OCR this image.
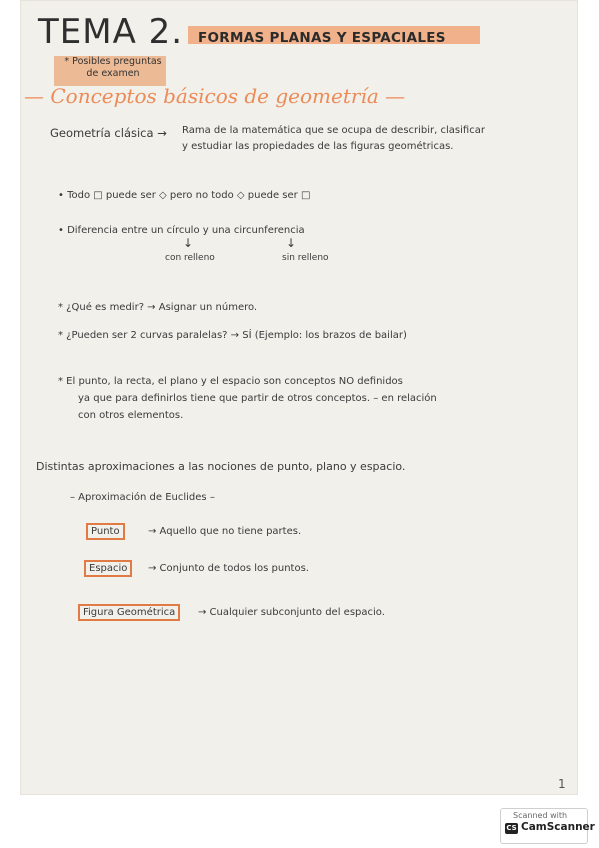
TEMA 2. FORMAS PLANAS Y ESPACIALES
* Posibles preguntas de examen
— Conceptos básicos de geometría —
Geometría clásica → Rama de la matemática que se ocupa de describir, clasificar
y estudiar las propiedades de las figuras geométricas.
• Todo □ puede ser ◇ pero no todo ◇ puede ser □
• Diferencia entre un círculo y una circunferencia
↓	↓
con relleno	sin relleno
* ¿Qué es medir? → Asignar un número.
* ¿Pueden ser 2 curvas paralelas? → SÍ (Ejemplo: los brazos de bailar)
* El punto, la recta, el plano y el espacio son conceptos NO definidos
ya que para definirlos tiene que partir de otros conceptos. – en relación
con otros elementos.
Distintas aproximaciones a las nociones de punto, plano y espacio.
– Aproximación de Euclides –
Punto	→ Aquello que no tiene partes.
Espacio	→ Conjunto de todos los puntos.
Figura Geométrica	→ Cualquier subconjunto del espacio.
1
Scanned with
CS CamScanner
